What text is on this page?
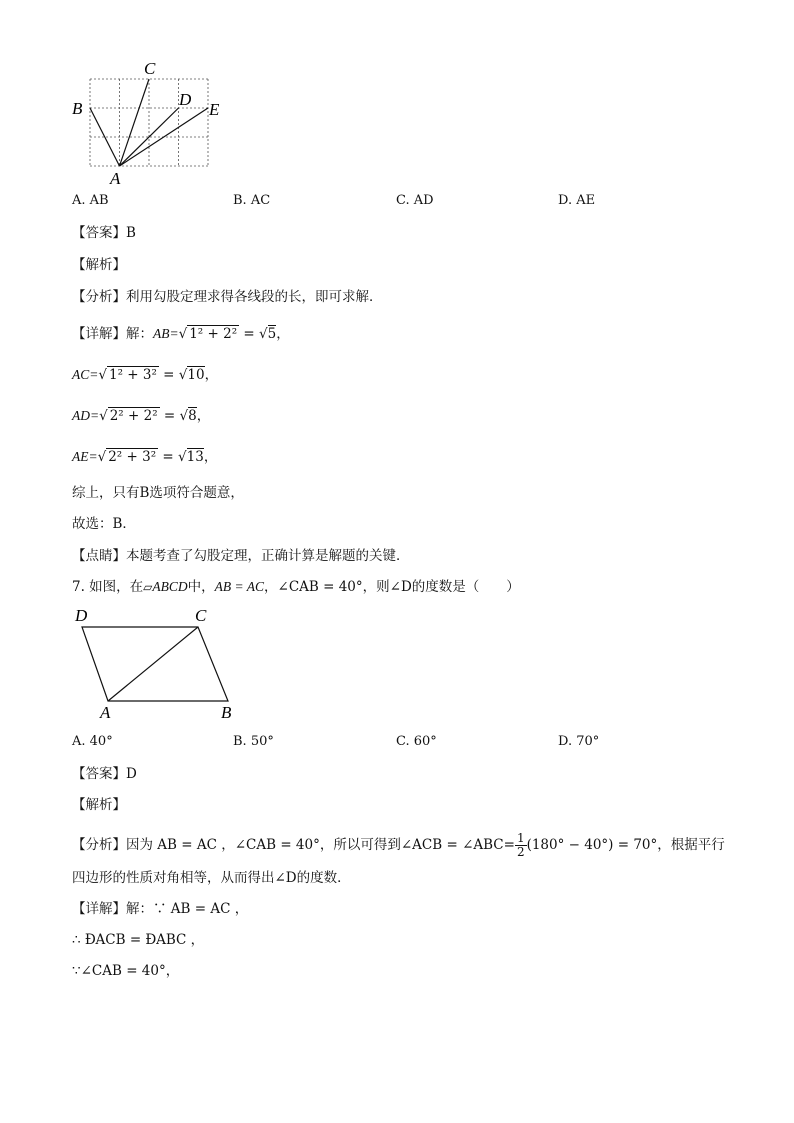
B
C
D
E
A
A. AB	B. AC	C. AD	D. AE
【答案】B
【解析】
【分析】利用勾股定理求得各线段的长，即可求解．
【详解】解：AB=√ 1² + 2² = √5，
AC=√ 1² + 3² = √10，
AD=√ 2² + 2² = √8，
AE=√ 2² + 3² = √13，
综上，只有B选项符合题意，
故选：B．
【点睛】本题考查了勾股定理，正确计算是解题的关键．
7. 如图，在▱ABCD中，AB = AC，∠CAB = 40°，则∠D的度数是（　　）
D	C
A	B
A. 40°	B. 50°	C. 60°	D. 70°
【答案】D
【解析】
【分析】因为 AB = AC ，∠CAB = 40°，所以可得到∠ACB = ∠ABC= $\frac{1}{2}(180^\circ - 40^\circ) = 70^\circ$，根据平行
四边形的性质对角相等，从而得出∠D的度数．
【详解】解：∵ AB = AC ，
∴ ÐACB = ÐABC ，
∵∠CAB = 40°，
